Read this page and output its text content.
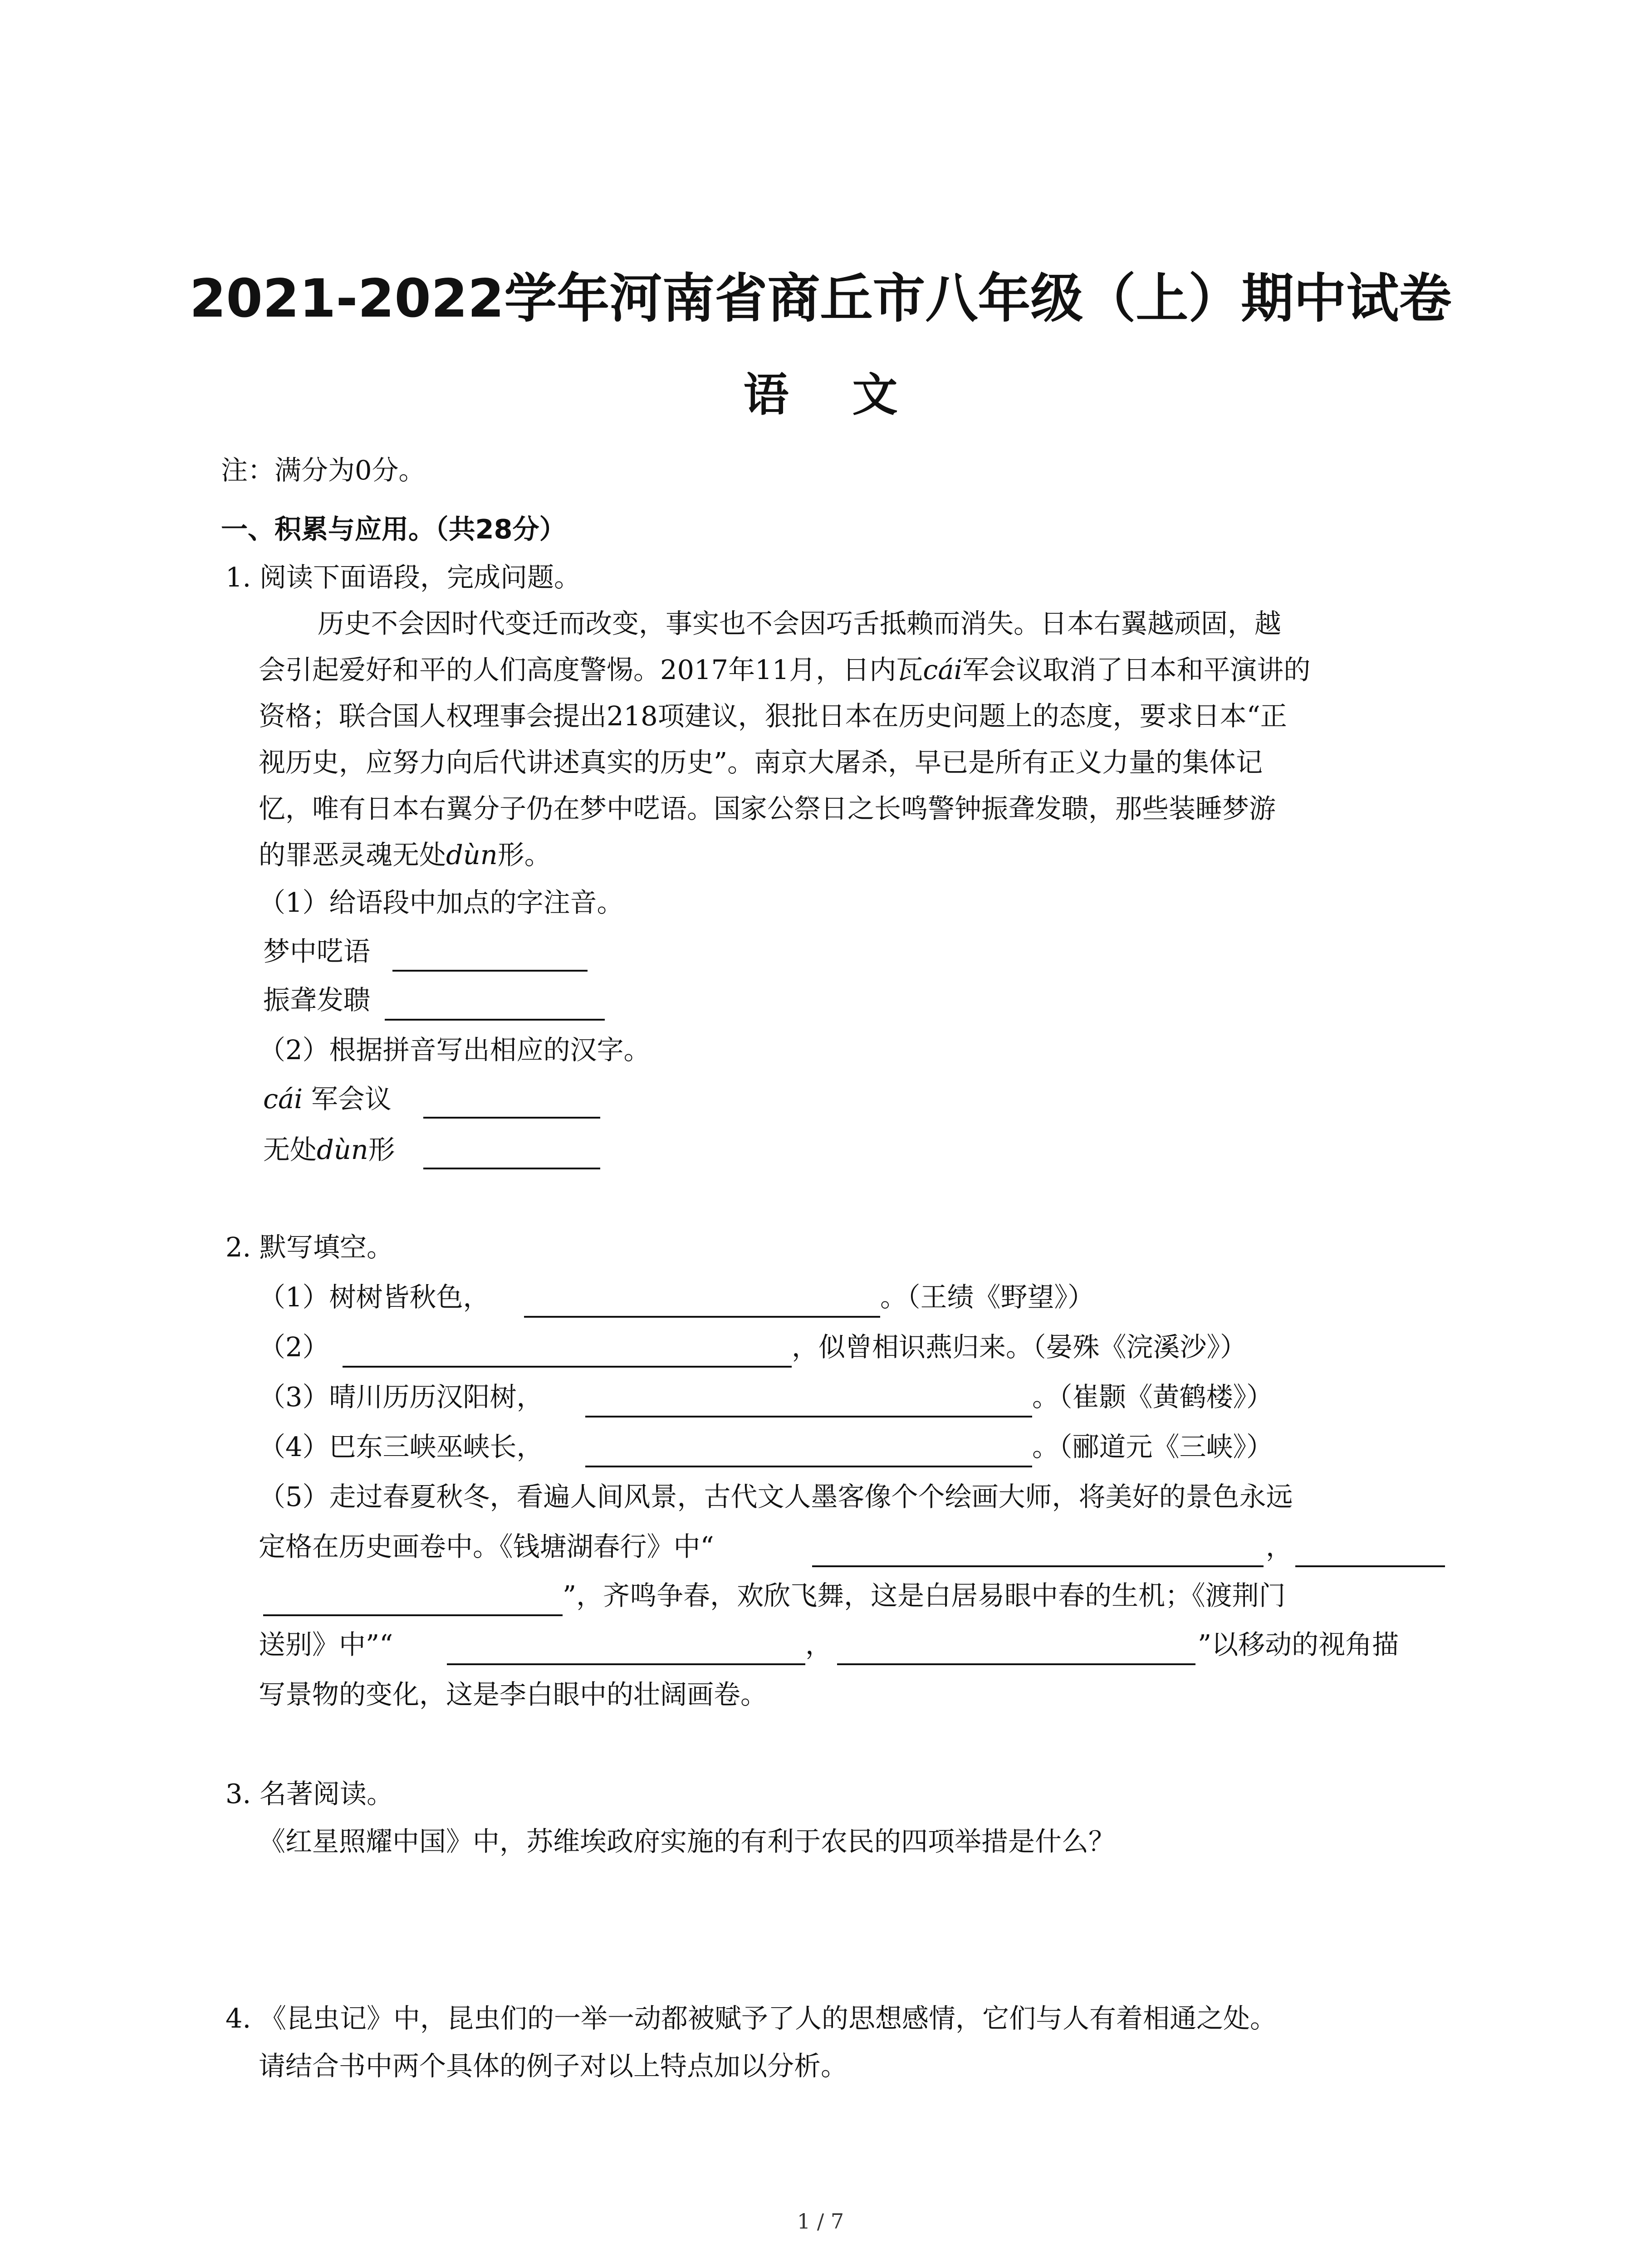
2021-2022学年河南省商丘市八年级（上）期中试卷
语文
注：满分为0分。
一、积累与应用。（共28分）
1. 阅读下面语段，完成问题。
历史不会因时代变迁而改变，事实也不会因巧舌抵赖而消失。日本右翼越顽固，越
会引起爱好和平的人们高度警惕。2017年11月，日内瓦cái军会议取消了日本和平演讲的
资格；联合国人权理事会提出218项建议，狠批日本在历史问题上的态度，要求日本“正
视历史，应努力向后代讲述真实的历史”。南京大屠杀，早已是所有正义力量的集体记
忆，唯有日本右翼分子仍在梦中呓语。国家公祭日之长鸣警钟振聋发聩，那些装睡梦游
的罪恶灵魂无处dùn形。
（1）给语段中加点的字注音。
梦中呓语
振聋发聩
（2）根据拼音写出相应的汉字。
cái 军会议
无处dùn形
2. 默写填空。
（1）树树皆秋色，	。（王绩《野望》）
（2）	，似曾相识燕归来。（晏殊《浣溪沙》）
（3）晴川历历汉阳树，	。（崔颢《黄鹤楼》）
（4）巴东三峡巫峡长，	。（郦道元《三峡》）
（5）走过春夏秋冬，看遍人间风景，古代文人墨客像个个绘画大师，将美好的景色永远
定格在历史画卷中。《钱塘湖春行》中“	，
”，齐鸣争春，欢欣飞舞，这是白居易眼中春的生机；《渡荆门
送别》中”“	，	”以移动的视角描
写景物的变化，这是李白眼中的壮阔画卷。
3. 名著阅读。
《红星照耀中国》中，苏维埃政府实施的有利于农民的四项举措是什么？
4. 《昆虫记》中，昆虫们的一举一动都被赋予了人的思想感情，它们与人有着相通之处。
请结合书中两个具体的例子对以上特点加以分析。
1 / 7
